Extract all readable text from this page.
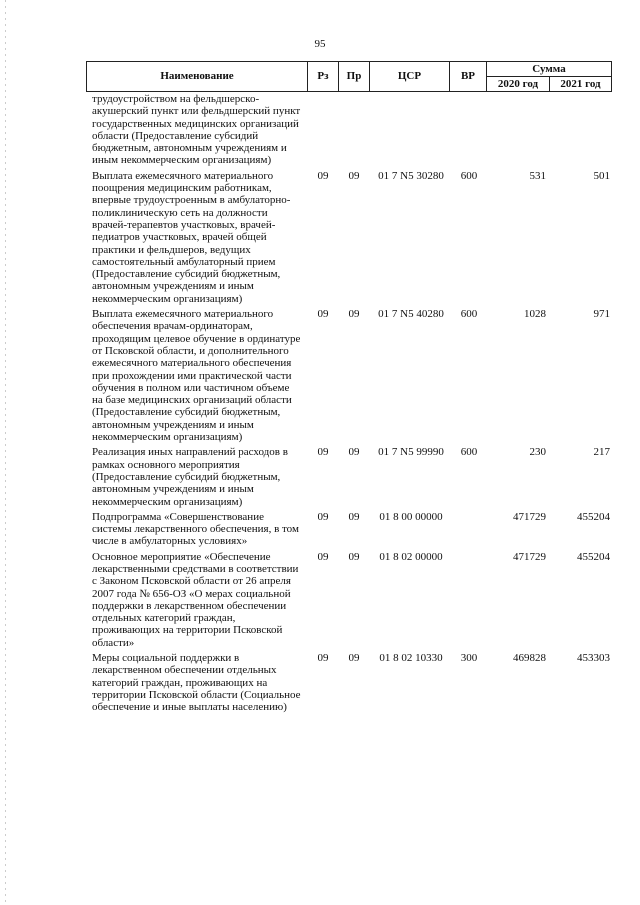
95
Наименование	Рз	Пр	ЦСР	ВР	Сумма	
					2020 год	2021 год
трудоустройством на фельдшерско-акушерский пункт или фельдшерский пункт государственных медицинских организаций области (Предоставление субсидий бюджетным, автономным учреждениям и иным некоммерческим организациям)						
Выплата ежемесячного материального поощрения медицинским работникам, впервые трудоустроенным в амбулаторно-поликлиническую сеть на должности врачей-терапевтов участковых, врачей-педиатров участковых, врачей общей практики и фельдшеров, ведущих самостоятельный амбулаторный прием (Предоставление субсидий бюджетным, автономным учреждениям и иным некоммерческим организациям)	09	09	01 7 N5 30280	600	531	501
Выплата ежемесячного материального обеспечения врачам-ординаторам, проходящим целевое обучение в ординатуре от Псковской области, и дополнительного ежемесячного материального обеспечения при прохождении ими практической части обучения в полном или частичном объеме на базе медицинских организаций области (Предоставление субсидий бюджетным, автономным учреждениям и иным некоммерческим организациям)	09	09	01 7 N5 40280	600	1028	971
Реализация иных направлений расходов в рамках основного мероприятия (Предоставление субсидий бюджетным, автономным учреждениям и иным некоммерческим организациям)	09	09	01 7 N5 99990	600	230	217
Подпрограмма «Совершенствование системы лекарственного обеспечения, в том числе в амбулаторных условиях»	09	09	01 8 00 00000		471729	455204
Основное мероприятие «Обеспечение лекарственными средствами в соответствии с Законом Псковской области от 26 апреля 2007 года № 656-ОЗ «О мерах социальной поддержки в лекарственном обеспечении отдельных категорий граждан, проживающих на территории Псковской области»	09	09	01 8 02 00000		471729	455204
Меры социальной поддержки в лекарственном обеспечении отдельных категорий граждан, проживающих на территории Псковской области (Социальное обеспечение и иные выплаты населению)	09	09	01 8 02 10330	300	469828	453303
